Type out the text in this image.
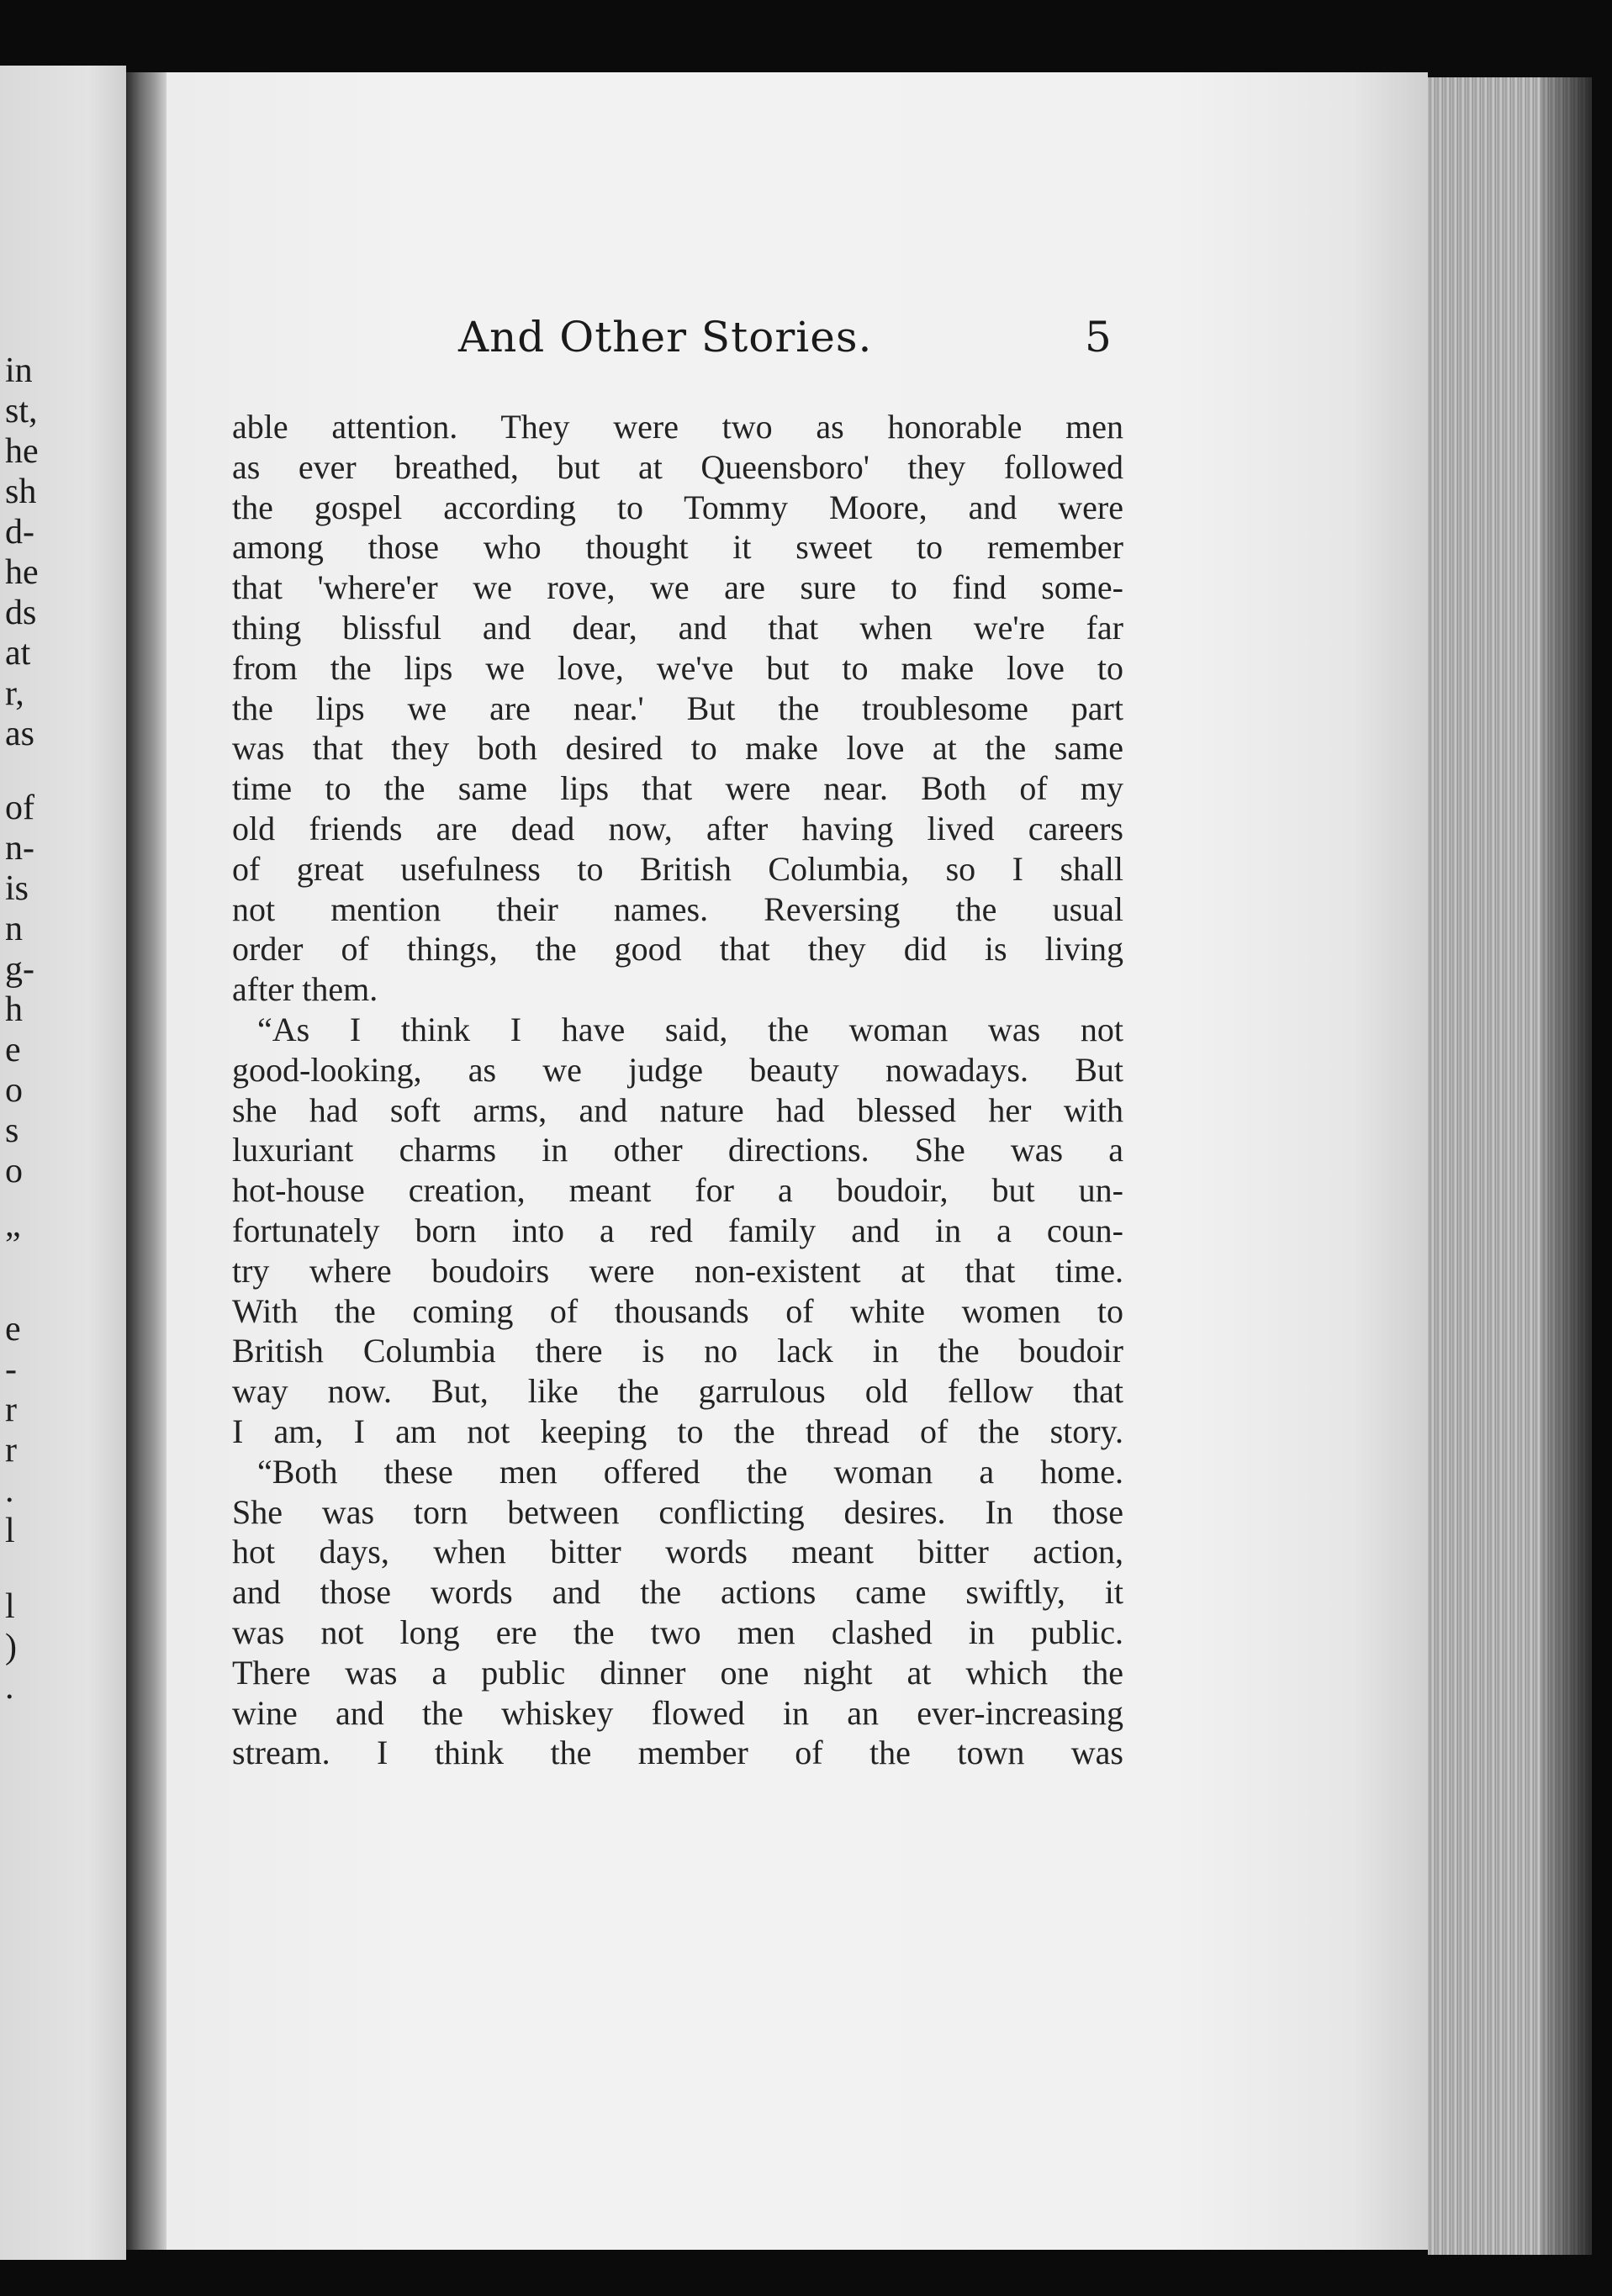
in
st,
he
sh
d-
he
ds
at
r,
as
of
n-
is
n
g-
h
e
o
s
o
”
e
-
r
r
.
l
l
)
.
And Other Stories.	5
able attention. They were two as honorable men
as ever breathed, but at Queensboro' they followed
the gospel according to Tommy Moore, and were
among those who thought it sweet to remember
that 'where'er we rove, we are sure to find some-
thing blissful and dear, and that when we're far
from the lips we love, we've but to make love to
the lips we are near.' But the troublesome part
was that they both desired to make love at the same
time to the same lips that were near. Both of my
old friends are dead now, after having lived careers
of great usefulness to British Columbia, so I shall
not mention their names. Reversing the usual
order of things, the good that they did is living
after them.
“As I think I have said, the woman was not
good-looking, as we judge beauty nowadays. But
she had soft arms, and nature had blessed her with
luxuriant charms in other directions. She was a
hot-house creation, meant for a boudoir, but un-
fortunately born into a red family and in a coun-
try where boudoirs were non-existent at that time.
With the coming of thousands of white women to
British Columbia there is no lack in the boudoir
way now. But, like the garrulous old fellow that
I am, I am not keeping to the thread of the story.
“Both these men offered the woman a home.
She was torn between conflicting desires. In those
hot days, when bitter words meant bitter action,
and those words and the actions came swiftly, it
was not long ere the two men clashed in public.
There was a public dinner one night at which the
wine and the whiskey flowed in an ever-increasing
stream. I think the member of the town was
